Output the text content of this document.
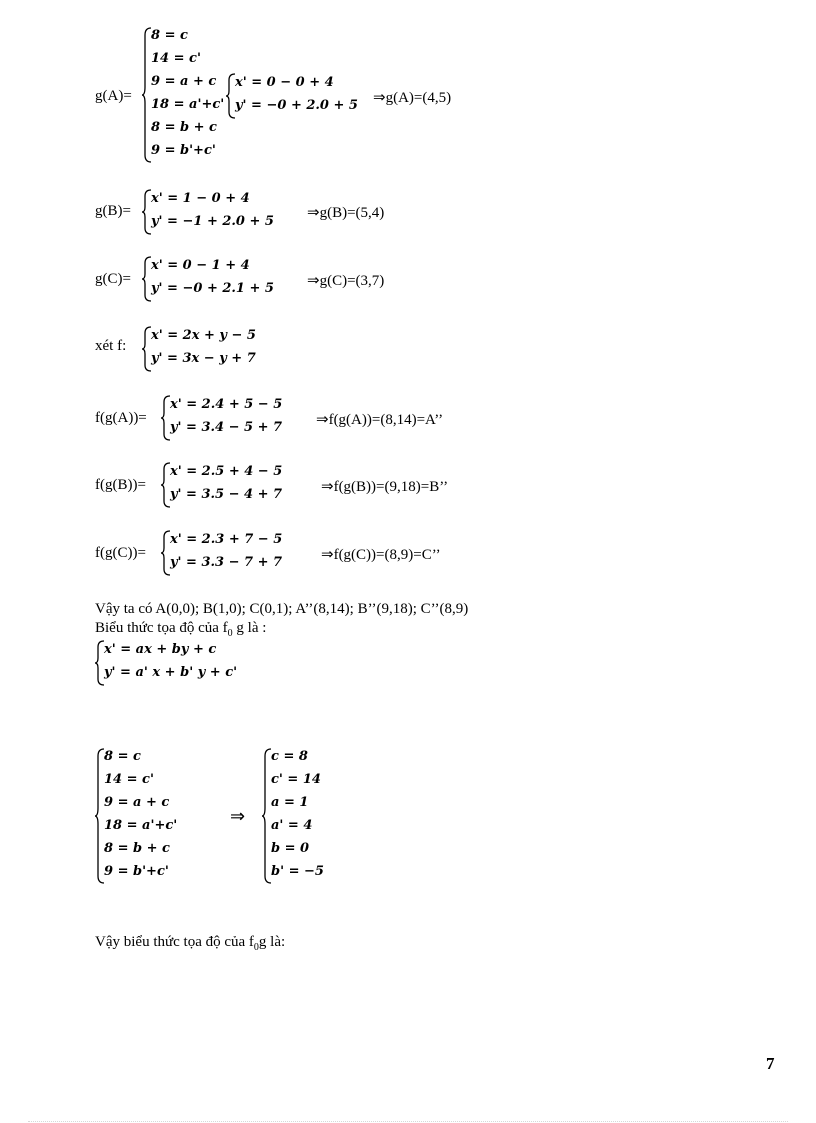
g(A)=
8 = c
14 = c'
9 = a + c
18 = a'+c'
8 = b + c
9 = b'+c'
x' = 0 − 0 + 4
y' = −0 + 2.0 + 5 ⇒g(A)=(4,5)
g(B)=
x' = 1 − 0 + 4
y' = −1 + 2.0 + 5
⇒g(B)=(5,4)
g(C)=
x' = 0 − 1 + 4
y' = −0 + 2.1 + 5 ⇒g(C)=(3,7)
xét f:
x' = 2x + y − 5
y' = 3x − y + 7
f(g(A))=
x' = 2.4 + 5 − 5
y' = 3.4 − 5 + 7 ⇒f(g(A))=(8,14)=A’’
f(g(B))=
x' = 2.5 + 4 − 5
y' = 3.5 − 4 + 7	⇒f(g(B))=(9,18)=B’’
f(g(C))=
x' = 2.3 + 7 − 5
y' = 3.3 − 7 + 7	⇒f(g(C))=(8,9)=C’’
Vậy ta có A(0,0); B(1,0); C(0,1); A’’(8,14); B’’(9,18); C’’(8,9)
Biểu thức tọa độ của $f_0$ g là :
x' = ax + by + c
y' = a' x + b' y + c'
8 = c
14 = c'
9 = a + c
18 = a'+c'
8 = b + c
9 = b'+c'
⇒
c = 8
c' = 14
a = 1
a' = 4
b = 0
b' = −5
Vậy biểu thức tọa độ của $f_0g$ là:
7
